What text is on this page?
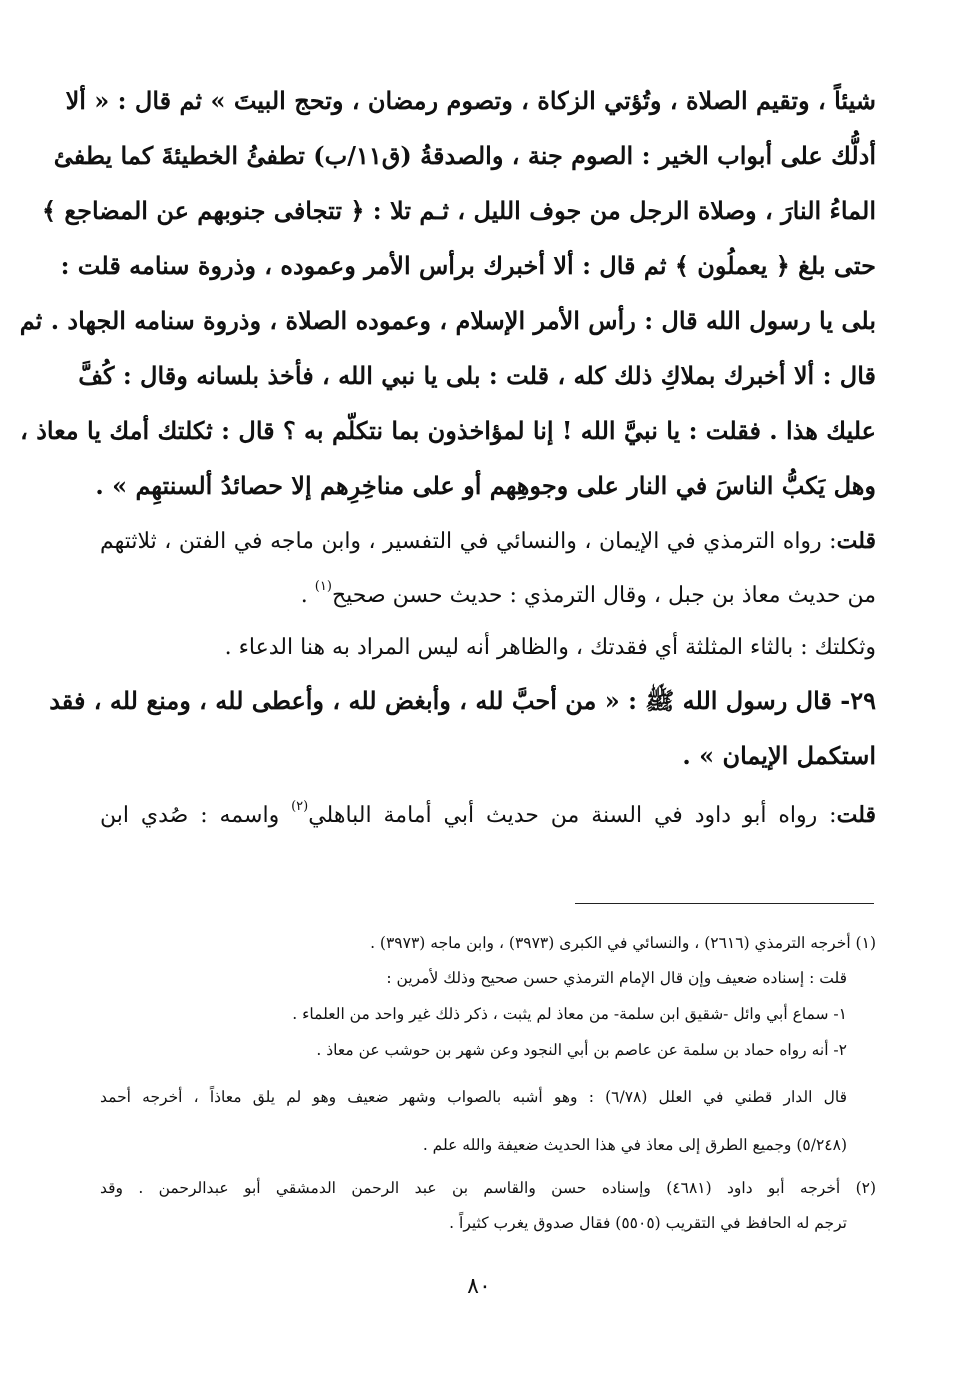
شيئاً ، وتقيم الصلاة ، وتُؤتي الزكاة ، وتصوم رمضان ، وتحج البيتَ » ثم قال : « ألا
أدلُّك على أبواب الخير : الصوم جنة ، والصدقةُ (ق١١/ب) تطفئُ الخطيئةَ كما يطفئ
الماءُ النارَ ، وصلاة الرجل من جوف الليل ، ثـم تلا : ﴿ تتجافى جنوبهم عن المضاجع ﴾
حتى بلغ ﴿ يعملُون ﴾ ثم قال : ألا أخبرك برأس الأمر وعموده ، وذروة سنامه قلت :
بلى يا رسول الله قال : رأس الأمر الإسلام ، وعموده الصلاة ، وذروة سنامه الجهاد . ثم
قال : ألا أخبرك بملاكِ ذلك كله ، قلت : بلى يا نبي الله ، فأخذ بلسانه وقال : كُفَّ
عليك هذا . فقلت : يا نبيَّ الله ! إنا لمؤاخذون بما نتكلّم به ؟ قال : ثكلتك أمك يا معاذ ،
وهل يَكبُّ الناسَ في النار على وجوهِهم أو على مناخِرِهم إلا حصائدُ ألسنتهِم » .
قلت: رواه الترمذي في الإيمان ، والنسائي في التفسير ، وابن ماجه في الفتن ، ثلاثتهم
من حديث معاذ بن جبل ، وقال الترمذي : حديث حسن صحيح$^{(١)}$ .
وثكلتك : بالثاء المثلثة أي فقدتك ، والظاهر أنه ليس المراد به هنا الدعاء .
٢٩- قال رسول الله ﷺ : « من أحبَّ لله ، وأبغض لله ، وأعطى لله ، ومنع لله ، فقد
استكمل الإيمان » .
قلت: رواه أبو داود في السنة من حديث أبي أمامة الباهلي$^{(٢)}$ واسمه : صُدي ابن
(١) أخرجه الترمذي (٢٦١٦) ، والنسائي في الكبرى (٣٩٧٣) ، وابن ماجه (٣٩٧٣) .
قلت : إسناده ضعيف وإن قال الإمام الترمذي حسن صحيح وذلك لأمرين :
١- سماع أبي وائل -شقيق ابن سلمة- من معاذ لم يثبت ، ذكر ذلك غير واحد من العلماء .
٢- أنه رواه حماد بن سلمة عن عاصم بن أبي النجود وعن شهر بن حوشب عن معاذ .
قال الدار قطني في العلل (٦/٧٨) : وهو أشبه بالصواب وشهر ضعيف وهو لم يلق معاذاً ، أخرجه أحمد
(٥/٢٤٨) وجميع الطرق إلى معاذ في هذا الحديث ضعيفة والله علم .
(٢) أخرجه أبو داود (٤٦٨١) وإسناده حسن والقاسم بن عبد الرحمن الدمشقي أبو عبدالرحمن . وقد
ترجم له الحافظ في التقريب (٥٥٠٥) فقال صدوق يغرب كثيراً .
٨٠
